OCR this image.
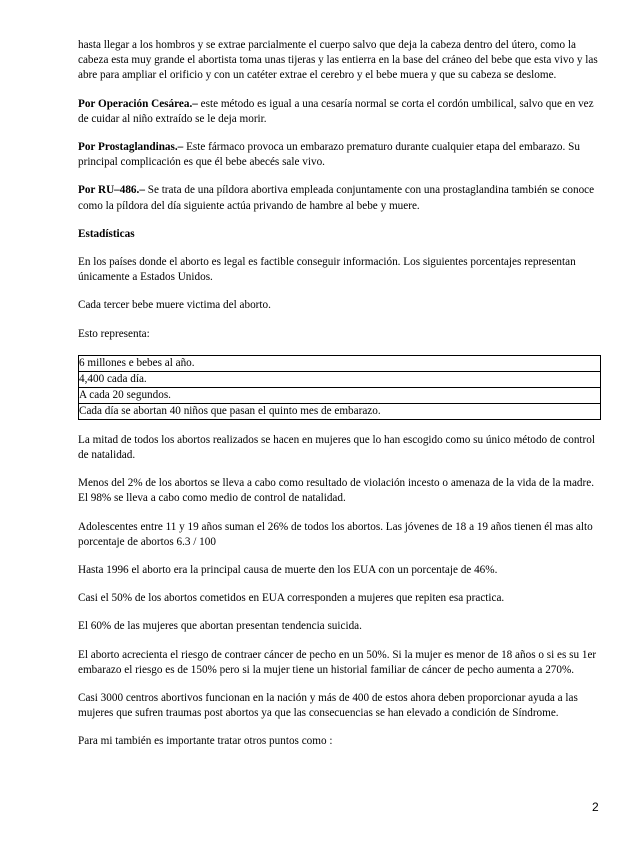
hasta llegar a los hombros y se extrae parcialmente el cuerpo salvo que deja la cabeza dentro del útero, como la cabeza esta muy grande el abortista toma unas tijeras y las entierra en la base del cráneo del bebe que esta vivo y las abre para ampliar el orificio y con un catéter extrae el cerebro y el bebe muera y que su cabeza se deslome.

Por Operación Cesárea.– este método es igual a una cesaría normal se corta el cordón umbilical, salvo que en vez de cuidar al niño extraído se le deja morir.

Por Prostaglandinas.– Este fármaco provoca un embarazo prematuro durante cualquier etapa del embarazo. Su principal complicación es que él bebe abecés sale vivo.

Por RU–486.– Se trata de una píldora abortiva empleada conjuntamente con una prostaglandina también se conoce como la píldora del día siguiente actúa privando de hambre al bebe y muere.

Estadísticas

En los países donde el aborto es legal es factible conseguir información. Los siguientes porcentajes representan únicamente a Estados Unidos.

Cada tercer bebe muere victima del aborto.

Esto representa:

6 millones e bebes al año.
4,400 cada día.
A cada 20 segundos.
Cada día se abortan 40 niños que pasan el quinto mes de embarazo.

La mitad de todos los abortos realizados se hacen en mujeres que lo han escogido como su único método de control de natalidad.

Menos del 2% de los abortos se lleva a cabo como resultado de violación incesto o amenaza de la vida de la madre. El 98% se lleva a cabo como medio de control de natalidad.

Adolescentes entre 11 y 19 años suman el 26% de todos los abortos. Las jóvenes de 18 a 19 años tienen él mas alto porcentaje de abortos 6.3 / 100

Hasta 1996 el aborto era la principal causa de muerte den los EUA con un porcentaje de 46%.

Casi el 50% de los abortos cometidos en EUA corresponden a mujeres que repiten esa practica.

El 60% de las mujeres que abortan presentan tendencia suicida.

El aborto acrecienta el riesgo de contraer cáncer de pecho en un 50%. Si la mujer es menor de 18 años o si es su 1er embarazo el riesgo es de 150% pero si la mujer tiene un historial familiar de cáncer de pecho aumenta a 270%.

Casi 3000 centros abortivos funcionan en la nación y más de 400 de estos ahora deben proporcionar ayuda a las mujeres que sufren traumas post abortos ya que las consecuencias se han elevado a condición de Síndrome.

Para mi también es importante tratar otros puntos como :

2
